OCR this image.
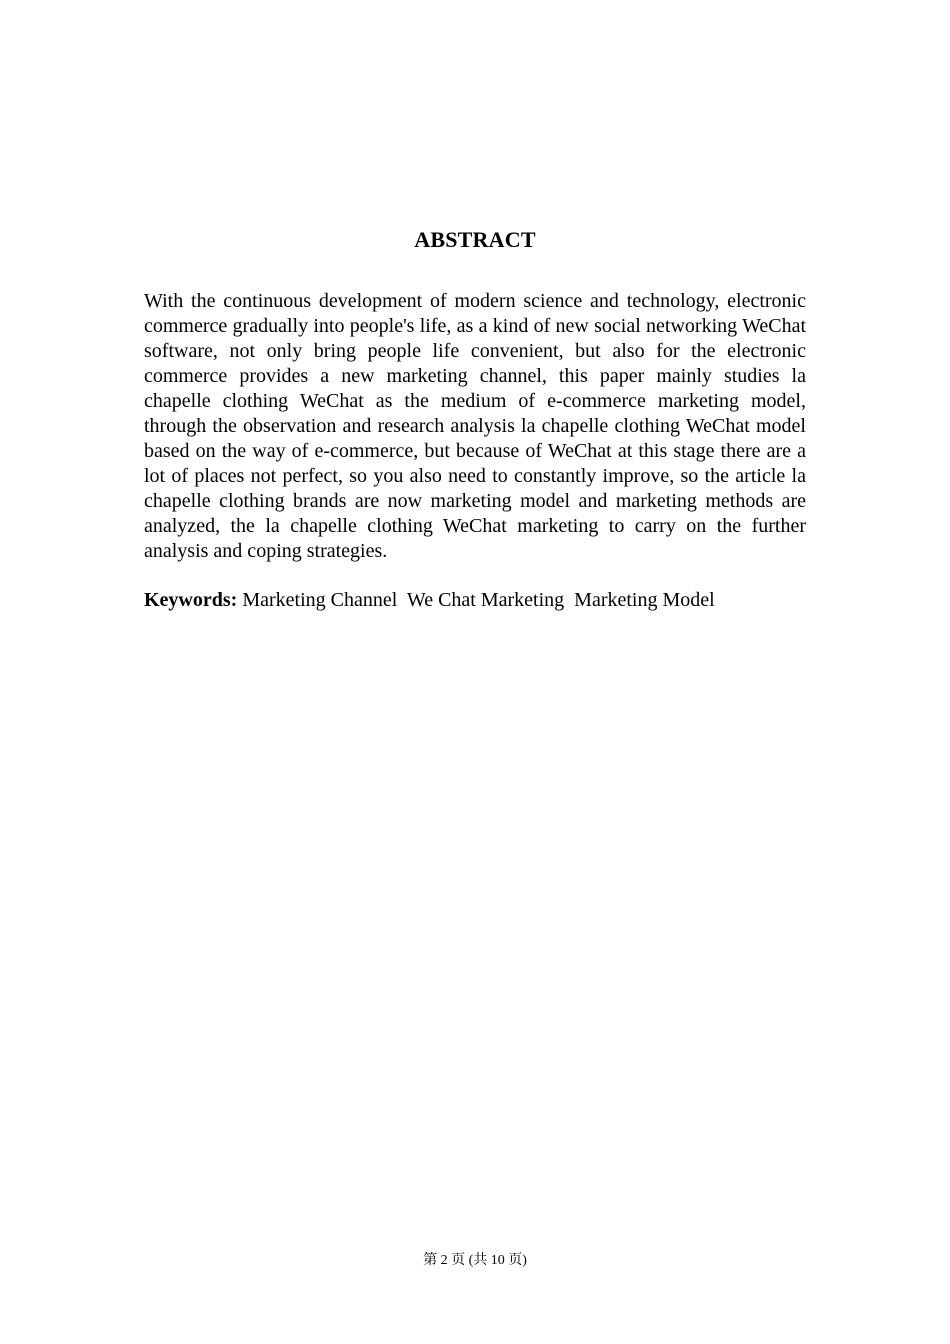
ABSTRACT

With the continuous development of modern science and technology, electronic commerce gradually into people's life, as a kind of new social networking WeChat software, not only bring people life convenient, but also for the electronic commerce provides a new marketing channel, this paper mainly studies la chapelle clothing WeChat as the medium of e-commerce marketing model, through the observation and research analysis la chapelle clothing WeChat model based on the way of e-commerce, but because of WeChat at this stage there are a lot of places not perfect, so you also need to constantly improve, so the article la chapelle clothing brands are now marketing model and marketing methods are analyzed, the la chapelle clothing WeChat marketing to carry on the further analysis and coping strategies.

Keywords: Marketing Channel  We Chat Marketing  Marketing Model

第 2 页 (共 10 页)
